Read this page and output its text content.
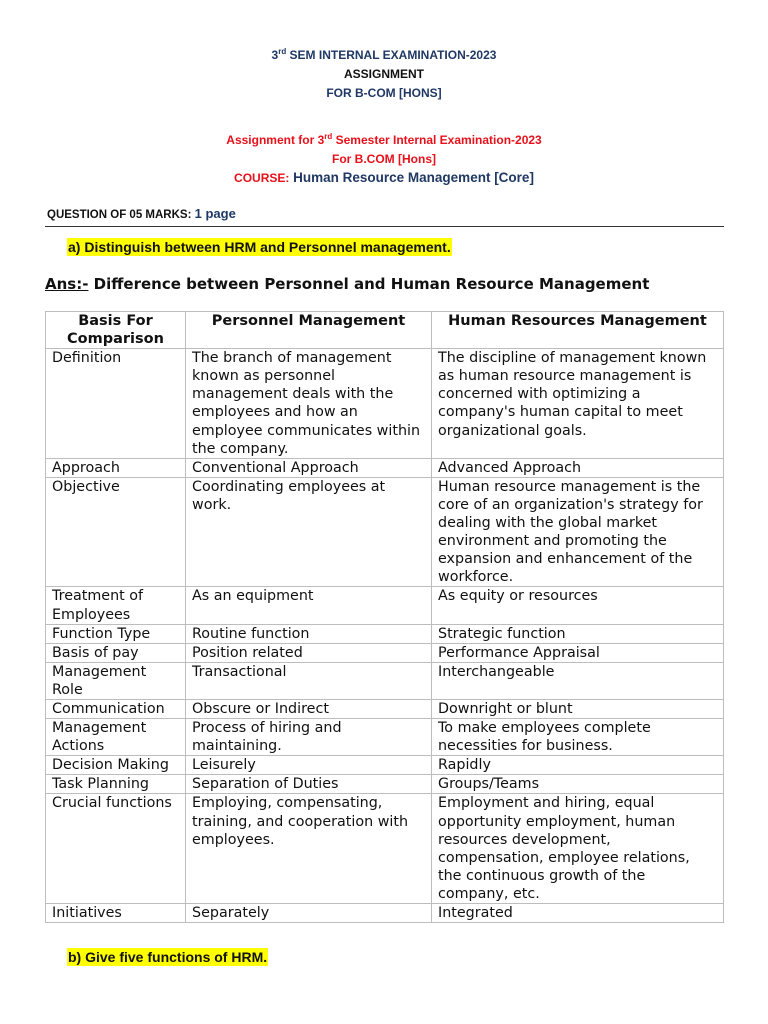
3rd SEM INTERNAL EXAMINATION-2023
ASSIGNMENT
FOR B-COM [HONS]
Assignment for 3rd Semester Internal Examination-2023
For B.COM [Hons]
COURSE: Human Resource Management [Core]
QUESTION OF 05 MARKS: 1 page
a) Distinguish between HRM and Personnel management.
Ans:- Difference between Personnel and Human Resource Management
Basis For Comparison	Personnel Management	Human Resources Management
Definition	The branch of management known as personnel management deals with the employees and how an employee communicates within the company.	The discipline of management known as human resource management is concerned with optimizing a company's human capital to meet organizational goals.
Approach	Conventional Approach	Advanced Approach
Objective	Coordinating employees at work.	Human resource management is the core of an organization's strategy for dealing with the global market environment and promoting the expansion and enhancement of the workforce.
Treatment of Employees	As an equipment	As equity or resources
Function Type	Routine function	Strategic function
Basis of pay	Position related	Performance Appraisal
Management Role	Transactional	Interchangeable
Communication	Obscure or Indirect	Downright or blunt
Management Actions	Process of hiring and maintaining.	To make employees complete necessities for business.
Decision Making	Leisurely	Rapidly
Task Planning	Separation of Duties	Groups/Teams
Crucial functions	Employing, compensating, training, and cooperation with employees.	Employment and hiring, equal opportunity employment, human resources development, compensation, employee relations, the continuous growth of the company, etc.
Initiatives	Separately	Integrated
b) Give five functions of HRM.
